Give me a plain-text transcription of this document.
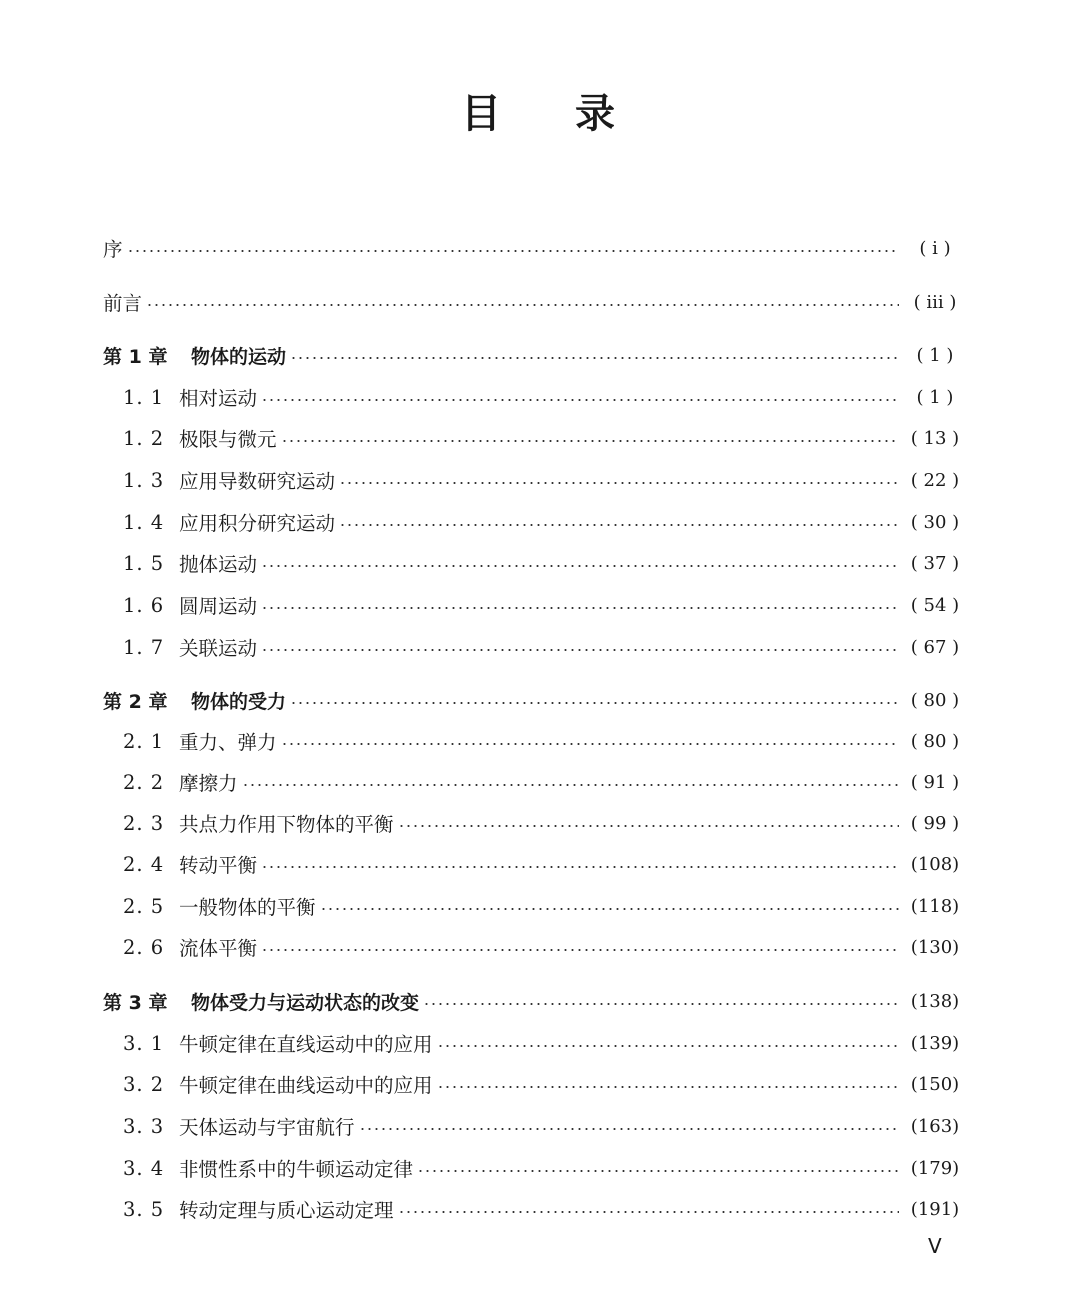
目 录
序	( ⅰ )
前言	( ⅲ )
第 1 章	物体的运动	( 1 )
1. 1 相对运动	( 1 )
1. 2 极限与微元	( 13 )
1. 3 应用导数研究运动	( 22 )
1. 4 应用积分研究运动	( 30 )
1. 5 抛体运动	( 37 )
1. 6 圆周运动	( 54 )
1. 7 关联运动	( 67 )
第 2 章	物体的受力	( 80 )
2. 1 重力、弹力	( 80 )
2. 2 摩擦力	( 91 )
2. 3 共点力作用下物体的平衡	( 99 )
2. 4 转动平衡	(108)
2. 5 一般物体的平衡	(118)
2. 6 流体平衡	(130)
第 3 章	物体受力与运动状态的改变	(138)
3. 1 牛顿定律在直线运动中的应用	(139)
3. 2 牛顿定律在曲线运动中的应用	(150)
3. 3 天体运动与宇宙航行	(163)
3. 4 非惯性系中的牛顿运动定律	(179)
3. 5 转动定理与质心运动定理	(191)
V
